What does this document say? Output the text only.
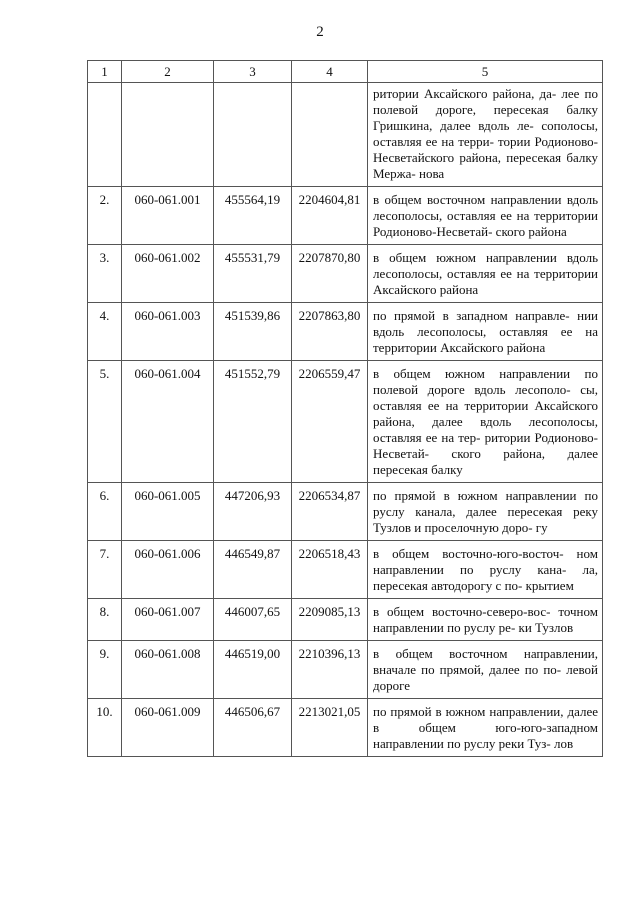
2
1	2	3	4	5
				ритории Аксайского района, да- лее по полевой дороге, пересекая балку Гришкина, далее вдоль ле- сополосы, оставляя ее на терри- тории Родионово-Несветайского района, пересекая балку Мержа- нова
2.	060-061.001	455564,19	2204604,81	в общем восточном направлении вдоль лесополосы, оставляя ее на территории Родионово-Несветай- ского района
3.	060-061.002	455531,79	2207870,80	в общем южном направлении вдоль лесополосы, оставляя ее на территории Аксайского района
4.	060-061.003	451539,86	2207863,80	по прямой в западном направле- нии вдоль лесополосы, оставляя ее на территории Аксайского района
5.	060-061.004	451552,79	2206559,47	в общем южном направлении по полевой дороге вдоль лесополо- сы, оставляя ее на территории Аксайского района, далее вдоль лесополосы, оставляя ее на тер- ритории Родионово-Несветай- ского района, далее пересекая балку
6.	060-061.005	447206,93	2206534,87	по прямой в южном направлении по руслу канала, далее пересекая реку Тузлов и проселочную доро- гу
7.	060-061.006	446549,87	2206518,43	в общем восточно-юго-восточ- ном направлении по руслу кана- ла, пересекая автодорогу с по- крытием
8.	060-061.007	446007,65	2209085,13	в общем восточно-северо-вос- точном направлении по руслу ре- ки Тузлов
9.	060-061.008	446519,00	2210396,13	в общем восточном направлении, вначале по прямой, далее по по- левой дороге
10.	060-061.009	446506,67	2213021,05	по прямой в южном направлении, далее в общем юго-юго-западном направлении по руслу реки Туз- лов
